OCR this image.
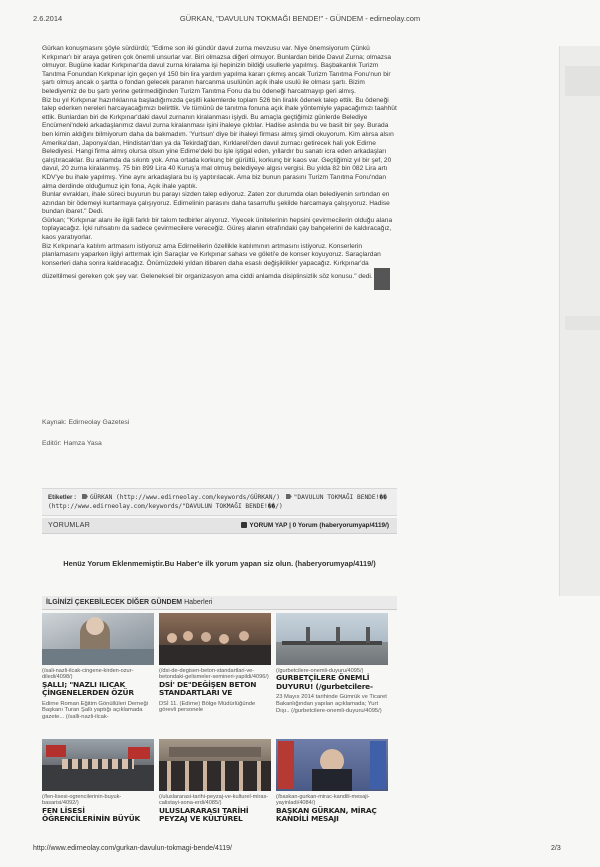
2.6.2014	GÜRKAN, "DAVULUN TOKMAĞI BENDE!" - GÜNDEM - edirneolay.com

Gürkan konuşmasını şöyle sürdürdü; "Edirne son iki gündür davul zurna mevzusu var. Niye önemsiyorum Çünkü Kırkpınar'ı bir araya getiren çok önemli unsurlar var. Biri olmazsa diğeri olmuyor. Bunlardan biride Davul Zurna; olmazsa olmuyor. Bugüne kadar Kırkpınar'da davul zurna kiralama işi hepinizin bildiği usullerle yapılmış. Başbakanlık Turizm Tanıtma Fonundan Kırkpınar için geçen yıl 150 bin lira yardım yapılma kararı çıkmış ancak Turizm Tanıtma Fonu'nun bir şartı olmuş ancak o şartta o fondan gelecek paranın harcanma usulünün açık ihale usulü ile olması şartı. Bizim belediyemiz de bu şartı yerine getirmediğinden Turizm Tanıtma Fonu da bu ödeneği harcatmayıp geri almış.

Biz bu yıl Kırkpınar hazırlıklarına başladığımızda çeşitli kalemlerde toplam 526 bin liralık ödenek talep ettik. Bu ödeneği talep ederken nereleri harcayacağımızı belirttik. Ve tümünü de tanıtma fonuna açık ihale yöntemiyle yapacağımızı taahhüt ettik. Bunlardan biri de Kırkpınar'daki davul zurnanın kiralanması işiydi. Bu amaçla geçtiğimiz günlerde Belediye Encümeni'ndeki arkadaşlarımız davul zurna kiralanması işini ihaleye çıktılar. Hadise aslında bu ve basit bir şey. Burada ben kimin aldığını bilmiyorum daha da bakmadım. 'Yurtsun' diye bir ihaleyi firması almış şimdi okuyorum. Kim alırsa alsın Amerika'dan, Japonya'dan, Hindistan'dan ya da Tekirdağ'dan, Kırklareli'den davul zurnacı getirecek hali yok Edirne Belediyesi. Hangi firma almış olursa olsun yine Edirne'deki bu işle iştigal eden, yıllardır bu sanatı icra eden arkadaşları çalıştıracaklar. Bu anlamda da sıkıntı yok. Ama ortada korkunç bir gürültü, korkunç bir kaos var. Geçtiğimiz yıl bir şef, 20 davul, 20 zurna kiralanmış. 75 bin 899 Lira 40 Kuruş'a mal olmuş belediyeye algısı vergisi. Bu yılda 82 bin 082 Lira artı KDV'ye bu ihale yapılmış. Yine aynı arkadaşlara bu iş yaptırılacak. Ama biz bunun parasını Turizm Tanıtma Fonu'ndan alma derdinde olduğumuz için fona, Açık ihale yaptık.

Bunlar evrakları, ihale süreci buyurun bu parayı sizden talep ediyoruz. Zaten zor durumda olan belediyenin sırtından en azından bir ödemeyi kurtarmaya çalışıyoruz. Edirnelinin parasını daha tasarruflu şekilde harcamaya çalışıyoruz. Hadise bundan ibaret." Dedi.

Gürkan; "Kırkpınar alanı ile ilgili farklı bir takım tedbirler alıyoruz. Yiyecek ünitelerinin hepsini çevirmecilerin olduğu alana toplayacağız. İçki ruhsatını da sadece çevirmecilere vereceğiz. Güreş alanın etrafındaki çay bahçelerini de kaldıracağız, kaos yaratıyorlar.

Biz Kırkpınar'a katılım artmasını istiyoruz ama Edirnelilerin özellikle katılımının artmasını istiyoruz. Konserlerin planlamasını yaparken ilgiyi arttırmak için Saraçlar ve Kırkpınar sahası ve göleti'e de konser koyuyoruz. Saraçlardan konserleri daha sonra kaldıracağız. Önümüzdeki yıldan itibaren daha esaslı değişiklikler yapacağız. Kırkpınar'da düzeltilmesi gereken çok şey var. Geleneksel bir organizasyon ama ciddi anlamda disiplinsizlik söz konusu." dedi.

Kaynak: Edirneolay Gazetesi
Editör: Hamza Yasa
Etiketler : GÜRKAN (http://www.edirneolay.com/keywords/GÜRKAN/) "DAVULUN TOKMAĞI BENDE!��
(http://www.edirneolay.com/keywords/"DAVULUN TOKMAĞI BENDE!��/)
YORUMLAR	YORUM YAP | 0 Yorum (haberyorumyap/4119/)
Henüz Yorum Eklenmemiştir.Bu Haber'e ilk yorum yapan siz olun. (haberyorumyap/4119/)
İLGİNİZİ ÇEKEBİLECEK DİĞER GÜNDEM Haberleri
(/sali-nazli-ilcak-cingene-kirden-ozur-diledi/4098/)
ŞALLI; "NAZLI ILICAK ÇİNGENELERDEN ÖZÜR
Edirne Roman Eğitim Gönüllüleri Derneği Başkanı Turan Şallı yaptığı açıklamada gazete... (/salli-nazli-ilcak-
(/dsi-de-degisen-beton-standartlari-ve-betondaki-gelismeler-semineri-yapildi/4096/)
DSİ' DE"DEĞİŞEN BETON STANDARTLARI VE
DSİ 11. (Edirne) Bölge Müdürlüğünde görevli personele
(/gurbetcilere-onemli-duyuru/4095/)
GURBETÇİLERE ÖNEMLİ DUYURU! (/gurbetcilere-
23 Mayıs 2014 tarihinde Gümrük ve Ticaret Bakanlığından yapılan açıklamada; Yurt Dışı.. (/gurbetcilere-onemli-duyuru/4095/)
(/fen-lisesi-ogrencilerinin-buyuk-basarisi/4092/)
FEN LİSESİ ÖĞRENCİLERİNİN BÜYÜK
(/uluslararasi-tarihi-peyzaj-ve-kulturel-miras-calistayi-sona-erdi/4085/)
ULUSLARARASI TARİHİ PEYZAJ VE KÜLTÜREL
(/baskan-gurkan-mirac-kandili-mesaji-yayinladi/4084/)
BAŞKAN GÜRKAN, MİRAÇ KANDİLİ MESAJI
http://www.edirneolay.com/gurkan-davulun-tokmagi-bende/4119/	2/3
